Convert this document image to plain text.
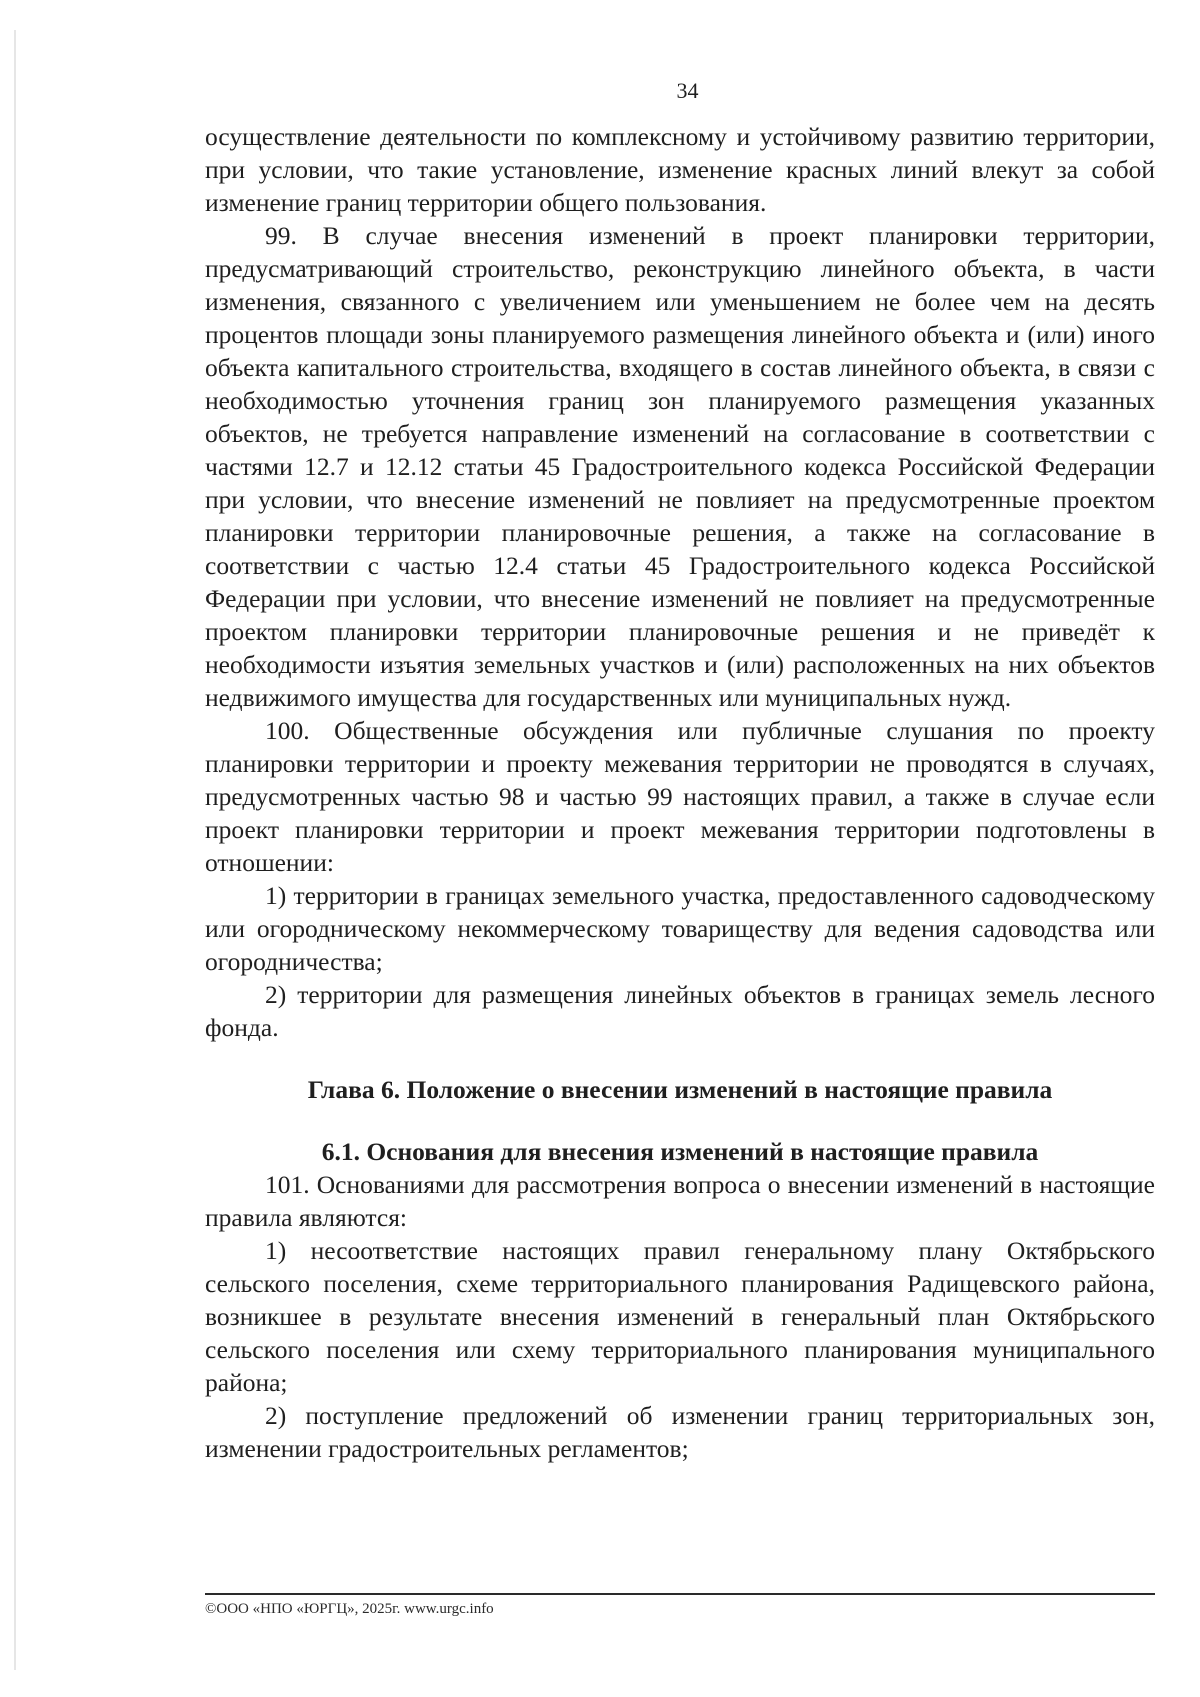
34

осуществление деятельности по комплексному и устойчивому развитию территории, при условии, что такие установление, изменение красных линий влекут за собой изменение границ территории общего пользования.

99. В случае внесения изменений в проект планировки территории, предусматривающий строительство, реконструкцию линейного объекта, в части изменения, связанного с увеличением или уменьшением не более чем на десять процентов площади зоны планируемого размещения линейного объекта и (или) иного объекта капитального строительства, входящего в состав линейного объекта, в связи с необходимостью уточнения границ зон планируемого размещения указанных объектов, не требуется направление изменений на согласование в соответствии с частями 12.7 и 12.12 статьи 45 Градостроительного кодекса Российской Федерации при условии, что внесение изменений не повлияет на предусмотренные проектом планировки территории планировочные решения, а также на согласование в соответствии с частью 12.4 статьи 45 Градостроительного кодекса Российской Федерации при условии, что внесение изменений не повлияет на предусмотренные проектом планировки территории планировочные решения и не приведёт к необходимости изъятия земельных участков и (или) расположенных на них объектов недвижимого имущества для государственных или муниципальных нужд.

100. Общественные обсуждения или публичные слушания по проекту планировки территории и проекту межевания территории не проводятся в случаях, предусмотренных частью 98 и частью 99 настоящих правил, а также в случае если проект планировки территории и проект межевания территории подготовлены в отношении:

1) территории в границах земельного участка, предоставленного садоводческому или огородническому некоммерческому товариществу для ведения садоводства или огородничества;

2) территории для размещения линейных объектов в границах земель лесного фонда.

Глава 6. Положение о внесении изменений в настоящие правила

6.1. Основания для внесения изменений в настоящие правила

101. Основаниями для рассмотрения вопроса о внесении изменений в настоящие правила являются:

1) несоответствие настоящих правил генеральному плану Октябрьского сельского поселения, схеме территориального планирования Радищевского района, возникшее в результате внесения изменений в генеральный план Октябрьского сельского поселения или схему территориального планирования муниципального района;

2) поступление предложений об изменении границ территориальных зон, изменении градостроительных регламентов;

©ООО «НПО «ЮРГЦ», 2025г. www.urgc.info
